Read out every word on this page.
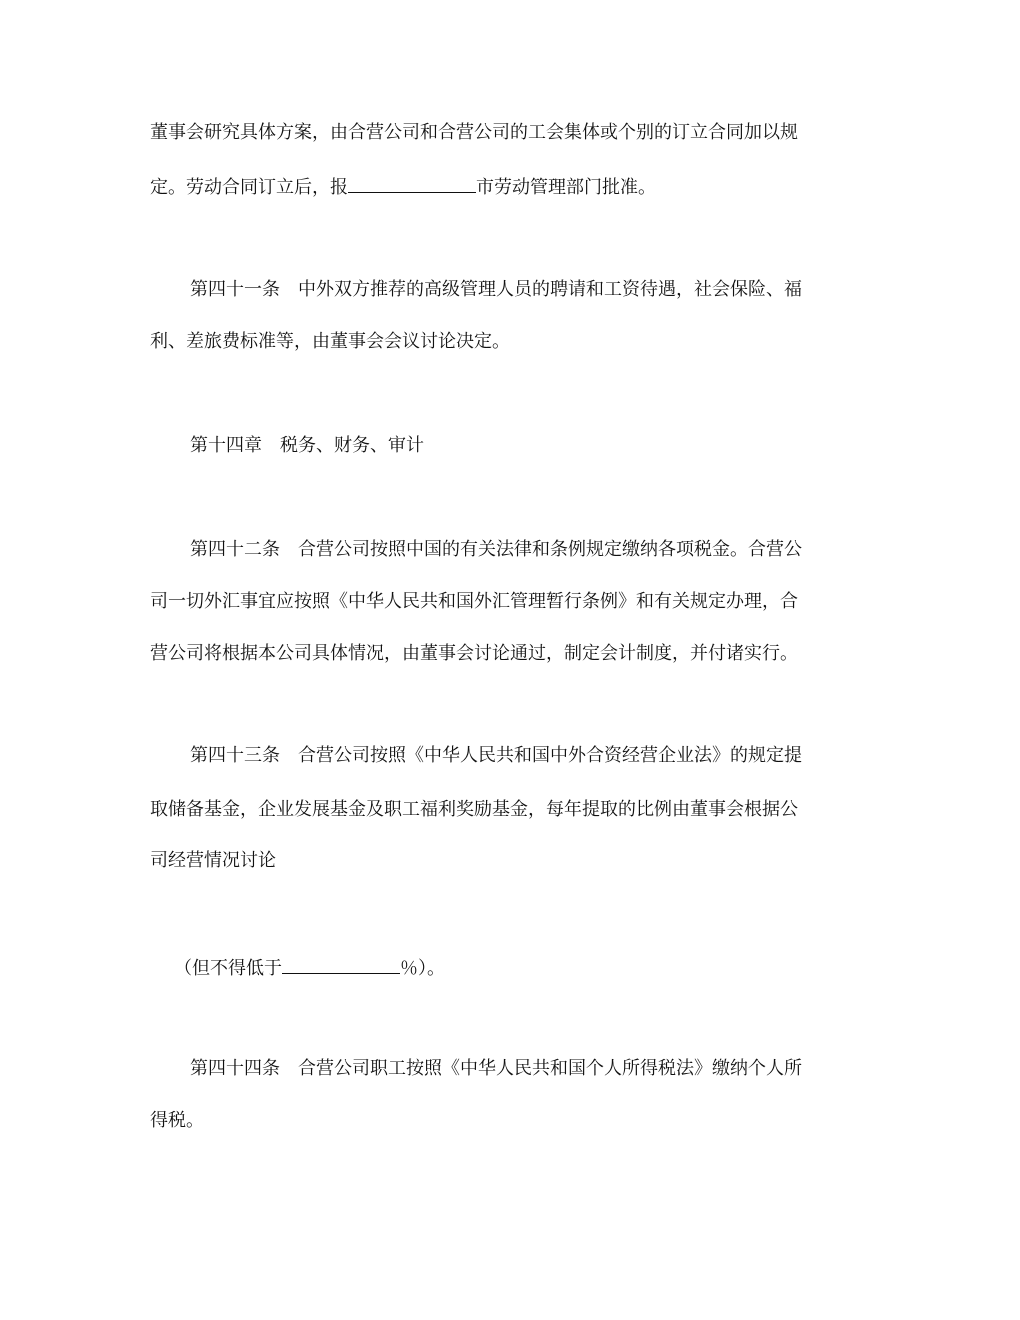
董事会研究具体方案，由合营公司和合营公司的工会集体或个别的订立合同加以规
定。劳动合同订立后，报	市劳动管理部门批准。
第四十一条　中外双方推荐的高级管理人员的聘请和工资待遇，社会保险、福
利、差旅费标准等，由董事会会议讨论决定。
第十四章　税务、财务、审计
第四十二条　合营公司按照中国的有关法律和条例规定缴纳各项税金。合营公
司一切外汇事宜应按照《中华人民共和国外汇管理暂行条例》和有关规定办理，合
营公司将根据本公司具体情况，由董事会讨论通过，制定会计制度，并付诸实行。
第四十三条　合营公司按照《中华人民共和国中外合资经营企业法》的规定提
取储备基金，企业发展基金及职工福利奖励基金，每年提取的比例由董事会根据公
司经营情况讨论
（但不得低于	％）。
第四十四条　合营公司职工按照《中华人民共和国个人所得税法》缴纳个人所
得税。
